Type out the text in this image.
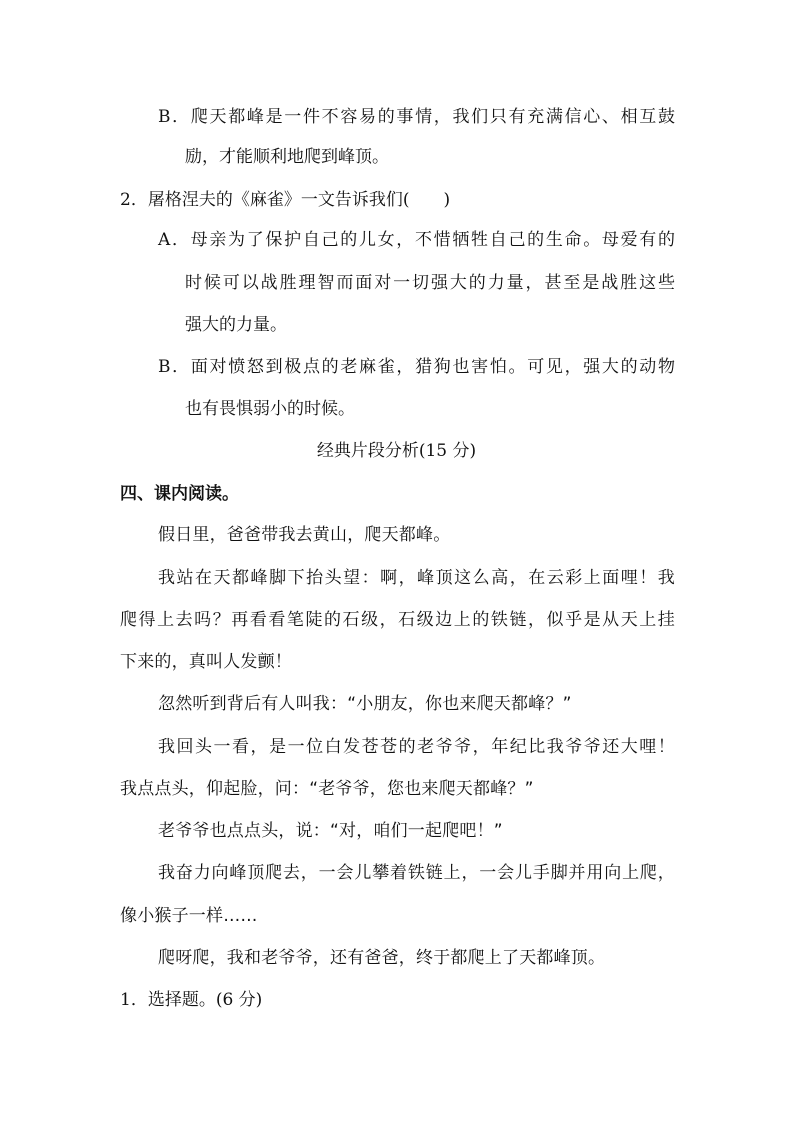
B．爬天都峰是一件不容易的事情，我们只有充满信心、相互鼓
励，才能顺利地爬到峰顶。
2．屠格涅夫的《麻雀》一文告诉我们(　　)
A．母亲为了保护自己的儿女，不惜牺牲自己的生命。母爱有的
时候可以战胜理智而面对一切强大的力量，甚至是战胜这些
强大的力量。
B．面对愤怒到极点的老麻雀，猎狗也害怕。可见，强大的动物
也有畏惧弱小的时候。
经典片段分析(15 分)
四、课内阅读。
假日里，爸爸带我去黄山，爬天都峰。
我站在天都峰脚下抬头望：啊，峰顶这么高，在云彩上面哩！我
爬得上去吗？再看看笔陡的石级，石级边上的铁链，似乎是从天上挂
下来的，真叫人发颤！
忽然听到背后有人叫我：“小朋友，你也来爬天都峰？”
我回头一看，是一位白发苍苍的老爷爷，年纪比我爷爷还大哩！
我点点头，仰起脸，问：“老爷爷，您也来爬天都峰？”
老爷爷也点点头，说：“对，咱们一起爬吧！”
我奋力向峰顶爬去，一会儿攀着铁链上，一会儿手脚并用向上爬，
像小猴子一样……
爬呀爬，我和老爷爷，还有爸爸，终于都爬上了天都峰顶。
1．选择题。(6 分)
